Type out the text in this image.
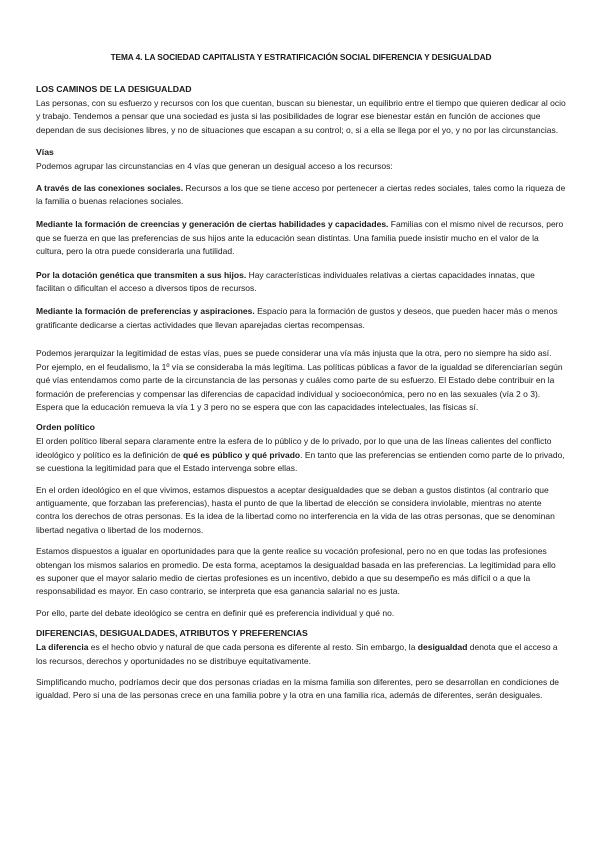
TEMA 4. LA SOCIEDAD CAPITALISTA Y ESTRATIFICACIÓN SOCIAL DIFERENCIA Y DESIGUALDAD
LOS CAMINOS DE LA DESIGUALDAD

Las personas, con su esfuerzo y recursos con los que cuentan, buscan su bienestar, un equilibrio entre el tiempo que quieren dedicar al ocio y trabajo. Tendemos a pensar que una sociedad es justa si las posibilidades de lograr ese bienestar están en función de acciones que dependan de sus decisiones libres, y no de situaciones que escapan a su control; o, si a ella se llega por el yo, y no por las circunstancias.

Vías

Podemos agrupar las circunstancias en 4 vías que generan un desigual acceso a los recursos:

A través de las conexiones sociales. Recursos a los que se tiene acceso por pertenecer a ciertas redes sociales, tales como la riqueza de la familia o buenas relaciones sociales.

Mediante la formación de creencias y generación de ciertas habilidades y capacidades. Familias con el mismo nivel de recursos, pero que se fuerza en que las preferencias de sus hijos ante la educación sean distintas. Una familia puede insistir mucho en el valor de la cultura, pero la otra puede considerarla una futilidad.

Por la dotación genética que transmiten a sus hijos. Hay características individuales relativas a ciertas capacidades innatas, que facilitan o dificultan el acceso a diversos tipos de recursos.

Mediante la formación de preferencias y aspiraciones. Espacio para la formación de gustos y deseos, que pueden hacer más o menos gratificante dedicarse a ciertas actividades que llevan aparejadas ciertas recompensas.

Podemos jerarquizar la legitimidad de estas vías, pues se puede considerar una vía más injusta que la otra, pero no siempre ha sido así. Por ejemplo, en el feudalismo, la 1º vía se consideraba la más legítima. Las políticas públicas a favor de la igualdad se diferenciarían según qué vías entendamos como parte de la circunstancia de las personas y cuáles como parte de su esfuerzo. El Estado debe contribuir en la formación de preferencias y compensar las diferencias de capacidad individual y socioeconómica, pero no en las sexuales (vía 2 o 3). Espera que la educación remueva la vía 1 y 3 pero no se espera que con las capacidades intelectuales, las físicas sí.

Orden político

El orden político liberal separa claramente entre la esfera de lo público y de lo privado, por lo que una de las líneas calientes del conflicto ideológico y político es la definición de qué es público y qué privado. En tanto que las preferencias se entienden como parte de lo privado, se cuestiona la legitimidad para que el Estado intervenga sobre ellas.

En el orden ideológico en el que vivimos, estamos dispuestos a aceptar desigualdades que se deban a gustos distintos (al contrario que antiguamente, que forzaban las preferencias), hasta el punto de que la libertad de elección se considera inviolable, mientras no atente contra los derechos de otras personas. Es la idea de la libertad como no interferencia en la vida de las otras personas, que se denominan libertad negativa o libertad de los modernos.

Estamos dispuestos a igualar en oportunidades para que la gente realice su vocación profesional, pero no en que todas las profesiones obtengan los mismos salarios en promedio. De esta forma, aceptamos la desigualdad basada en las preferencias. La legitimidad para ello es suponer que el mayor salario medio de ciertas profesiones es un incentivo, debido a que su desempeño es más difícil o a que la responsabilidad es mayor. En caso contrario, se interpreta que esa ganancia salarial no es justa.

Por ello, parte del debate ideológico se centra en definir qué es preferencia individual y qué no.

DIFERENCIAS, DESIGUALDADES, ATRIBUTOS Y PREFERENCIAS

La diferencia es el hecho obvio y natural de que cada persona es diferente al resto. Sin embargo, la desigualdad denota que el acceso a los recursos, derechos y oportunidades no se distribuye equitativamente.

Simplificando mucho, podríamos decir que dos personas criadas en la misma familia son diferentes, pero se desarrollan en condiciones de igualdad. Pero si una de las personas crece en una familia pobre y la otra en una familia rica, además de diferentes, serán desiguales.
